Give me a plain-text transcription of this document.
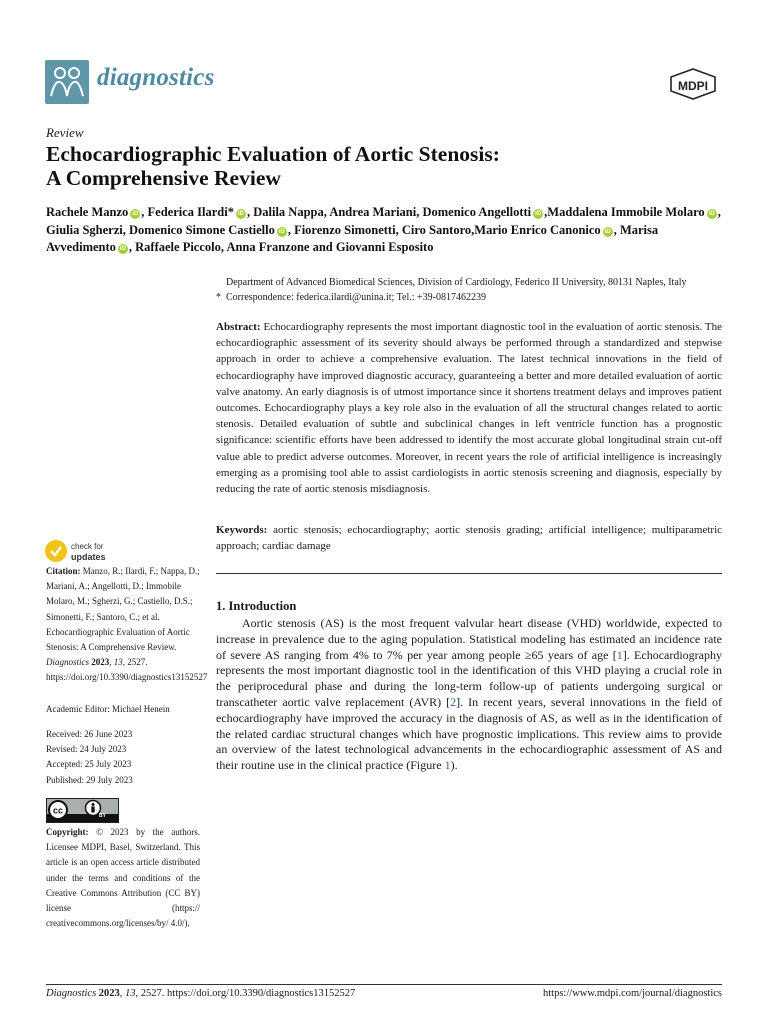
diagnostics	MDPI
Review
Echocardiographic Evaluation of Aortic Stenosis:
A Comprehensive Review
Rachele Manzo iD , Federica Ilardi* iD , Dalila Nappa, Andrea Mariani, Domenico Angellotti iD ,Maddalena Immobile Molaro iD , Giulia Sgherzi, Domenico Simone Castiello iD , Fiorenzo Simonetti, Ciro Santoro,Mario Enrico Canonico iD , Marisa Avvedimento iD , Raffaele Piccolo, Anna Franzone and Giovanni Esposito
Department of Advanced Biomedical Sciences, Division of Cardiology, Federico II University, 80131 Naples, Italy
* Correspondence: federica.ilardi@unina.it; Tel.: +39-0817462239
Abstract: Echocardiography represents the most important diagnostic tool in the evaluation of aortic stenosis. The echocardiographic assessment of its severity should always be performed through a standardized and stepwise approach in order to achieve a comprehensive evaluation. The latest technical innovations in the field of echocardiography have improved diagnostic accuracy, guaranteeing a better and more detailed evaluation of aortic valve anatomy. An early diagnosis is of utmost importance since it shortens treatment delays and improves patient outcomes. Echocardiography plays a key role also in the evaluation of all the structural changes related to aortic stenosis. Detailed evaluation of subtle and subclinical changes in left ventricle function has a prognostic significance: scientific efforts have been addressed to identify the most accurate global longitudinal strain cut-off value able to predict adverse outcomes. Moreover, in recent years the role of artificial intelligence is increasingly emerging as a promising tool able to assist cardiologists in aortic stenosis screening and diagnosis, especially by reducing the rate of aortic stenosis misdiagnosis.
Keywords: aortic stenosis; echocardiography; aortic stenosis grading; artificial intelligence; multiparametric approach; cardiac damage
1. Introduction
Aortic stenosis (AS) is the most frequent valvular heart disease (VHD) worldwide, expected to increase in prevalence due to the aging population. Statistical modeling has estimated an incidence rate of severe AS ranging from 4% to 7% per year among people ≥65 years of age [1]. Echocardiography represents the most important diagnostic tool in the identification of this VHD playing a crucial role in the periprocedural phase and during the long-term follow-up of patients undergoing surgical or transcatheter aortic valve replacement (AVR) [2]. In recent years, several innovations in the field of echocardiography have improved the accuracy in the diagnosis of AS, as well as in the identification of the related cardiac structural changes which have prognostic implications. This review aims to provide an overview of the latest technological advancements in the echocardiographic assessment of AS and their routine use in the clinical practice (Figure 1).
check for
updates
Citation: Manzo, R.; Ilardi, F.; Nappa, D.; Mariani, A.; Angellotti, D.; Immobile Molaro, M.; Sgherzi, G.; Castiello, D.S.; Simonetti, F.; Santoro, C.; et al. Echocardiographic Evaluation of Aortic Stenosis: A Comprehensive Review. Diagnostics 2023, 13, 2527. https://doi.org/10.3390/diagnostics13152527
Academic Editor: Michael Henein
Received: 26 June 2023
Revised: 24 July 2023
Accepted: 25 July 2023
Published: 29 July 2023
cc
BY
Copyright: © 2023 by the authors. Licensee MDPI, Basel, Switzerland. This article is an open access article distributed under the terms and conditions of the Creative Commons Attribution (CC BY) license (https:// creativecommons.org/licenses/by/ 4.0/).
Diagnostics 2023, 13, 2527. https://doi.org/10.3390/diagnostics13152527	https://www.mdpi.com/journal/diagnostics
